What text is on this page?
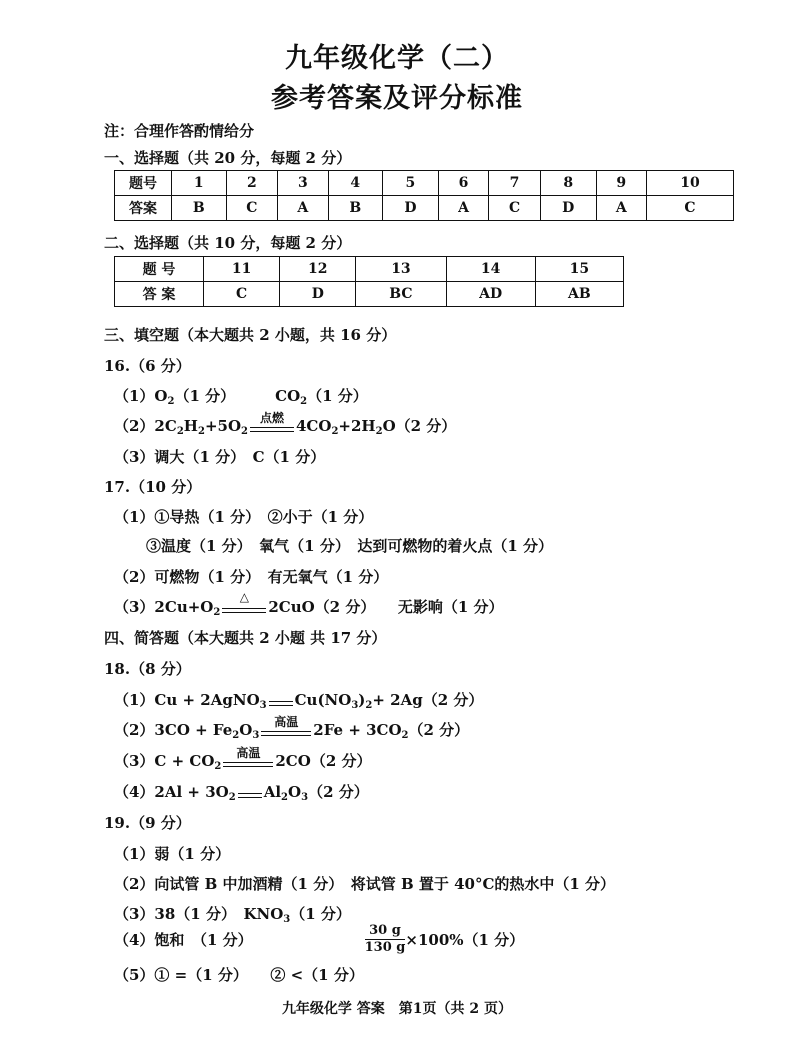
九年级化学（二）
参考答案及评分标准
注：合理作答酌情给分
一、选择题（共 20 分，每题 2 分）
题号	1	2	3	4	5	6	7	8	9	10
答案	B	C	A	B	D	A	C	D	A	C
二、选择题（共 10 分，每题 2 分）
题 号	11	12	13	14	15
答 案	C	D	BC	AD	AB
三、填空题（本大题共 2 小题，共 16 分）
16.（6 分）
$(1)O_2(1$ 分）	$CO_2(1$ 分）
$(2)2C_2H_2+5O_2$
点燃 $4CO_2+2H_2O(2$ 分）
（3）调大（1 分）　C（1 分）
17.（10 分）
（1）①导热（1 分）　②小于（1 分）
③温度（1 分）　氧气（1 分）　达到可燃物的着火点（1 分）
（2）可燃物（1 分）　有无氧气（1 分）
$(3)2Cu+O_2$
△
2CuO（2 分）　　无影响（1 分）
四、简答题（本大题共 2 小题 共 17 分）
18.（8 分）
（1）Cu + 2AgNO$_3$ $Cu(NO_3)_2+ 2Ag(2$ 分）
$(2)3CO + Fe_2O_3$
高温	$2Fe + 3CO_2(2$ 分）
$(3)C + CO_2$
高温	2CO（2 分）
$(4)2Al + 3O_2$ $Al_2O_3(2$ 分）
19.（9 分）
（1）弱（1 分）
（2）向试管 B 中加酒精（1 分）　将试管 B 置于 40°C的热水中（1 分）
（3）38（1 分）　$KNO_3(1$ 分）
（4）饱和　（1 分）	$\frac{30 g}{130 g} \times 100\%(1$ 分）
（5）① =（1 分）　　② <（1 分）
九年级化学 答案　第1页（共 2 页）
